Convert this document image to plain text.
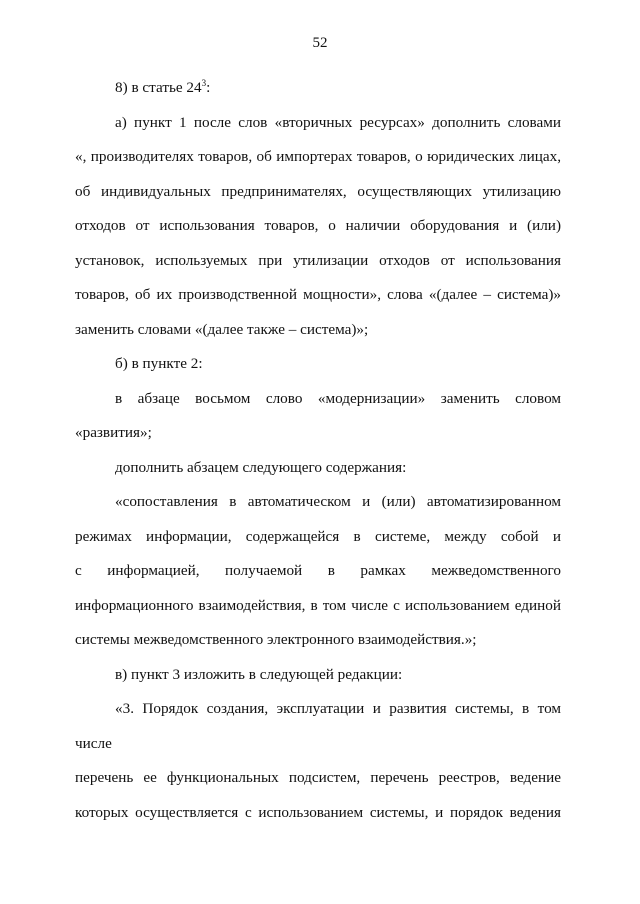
52

8) в статье $24^3$:

а) пункт 1 после слов «вторичных ресурсах» дополнить словами
«, производителях товаров, об импортерах товаров, о юридических лицах,
об индивидуальных предпринимателях, осуществляющих утилизацию
отходов от использования товаров, о наличии оборудования и (или)
установок, используемых при утилизации отходов от использования
товаров, об их производственной мощности», слова «(далее – система)»
заменить словами «(далее также – система)»;
б) в пункте 2:
в абзаце восьмом слово «модернизации» заменить словом
«развития»;
дополнить абзацем следующего содержания:
«сопоставления в автоматическом и (или) автоматизированном
режимах информации, содержащейся в системе, между собой и
с информацией, получаемой в рамках межведомственного
информационного взаимодействия, в том числе с использованием единой
системы межведомственного электронного взаимодействия.»;
в) пункт 3 изложить в следующей редакции:
«3. Порядок создания, эксплуатации и развития системы, в том числе
перечень ее функциональных подсистем, перечень реестров, ведение
которых осуществляется с использованием системы, и порядок ведения
